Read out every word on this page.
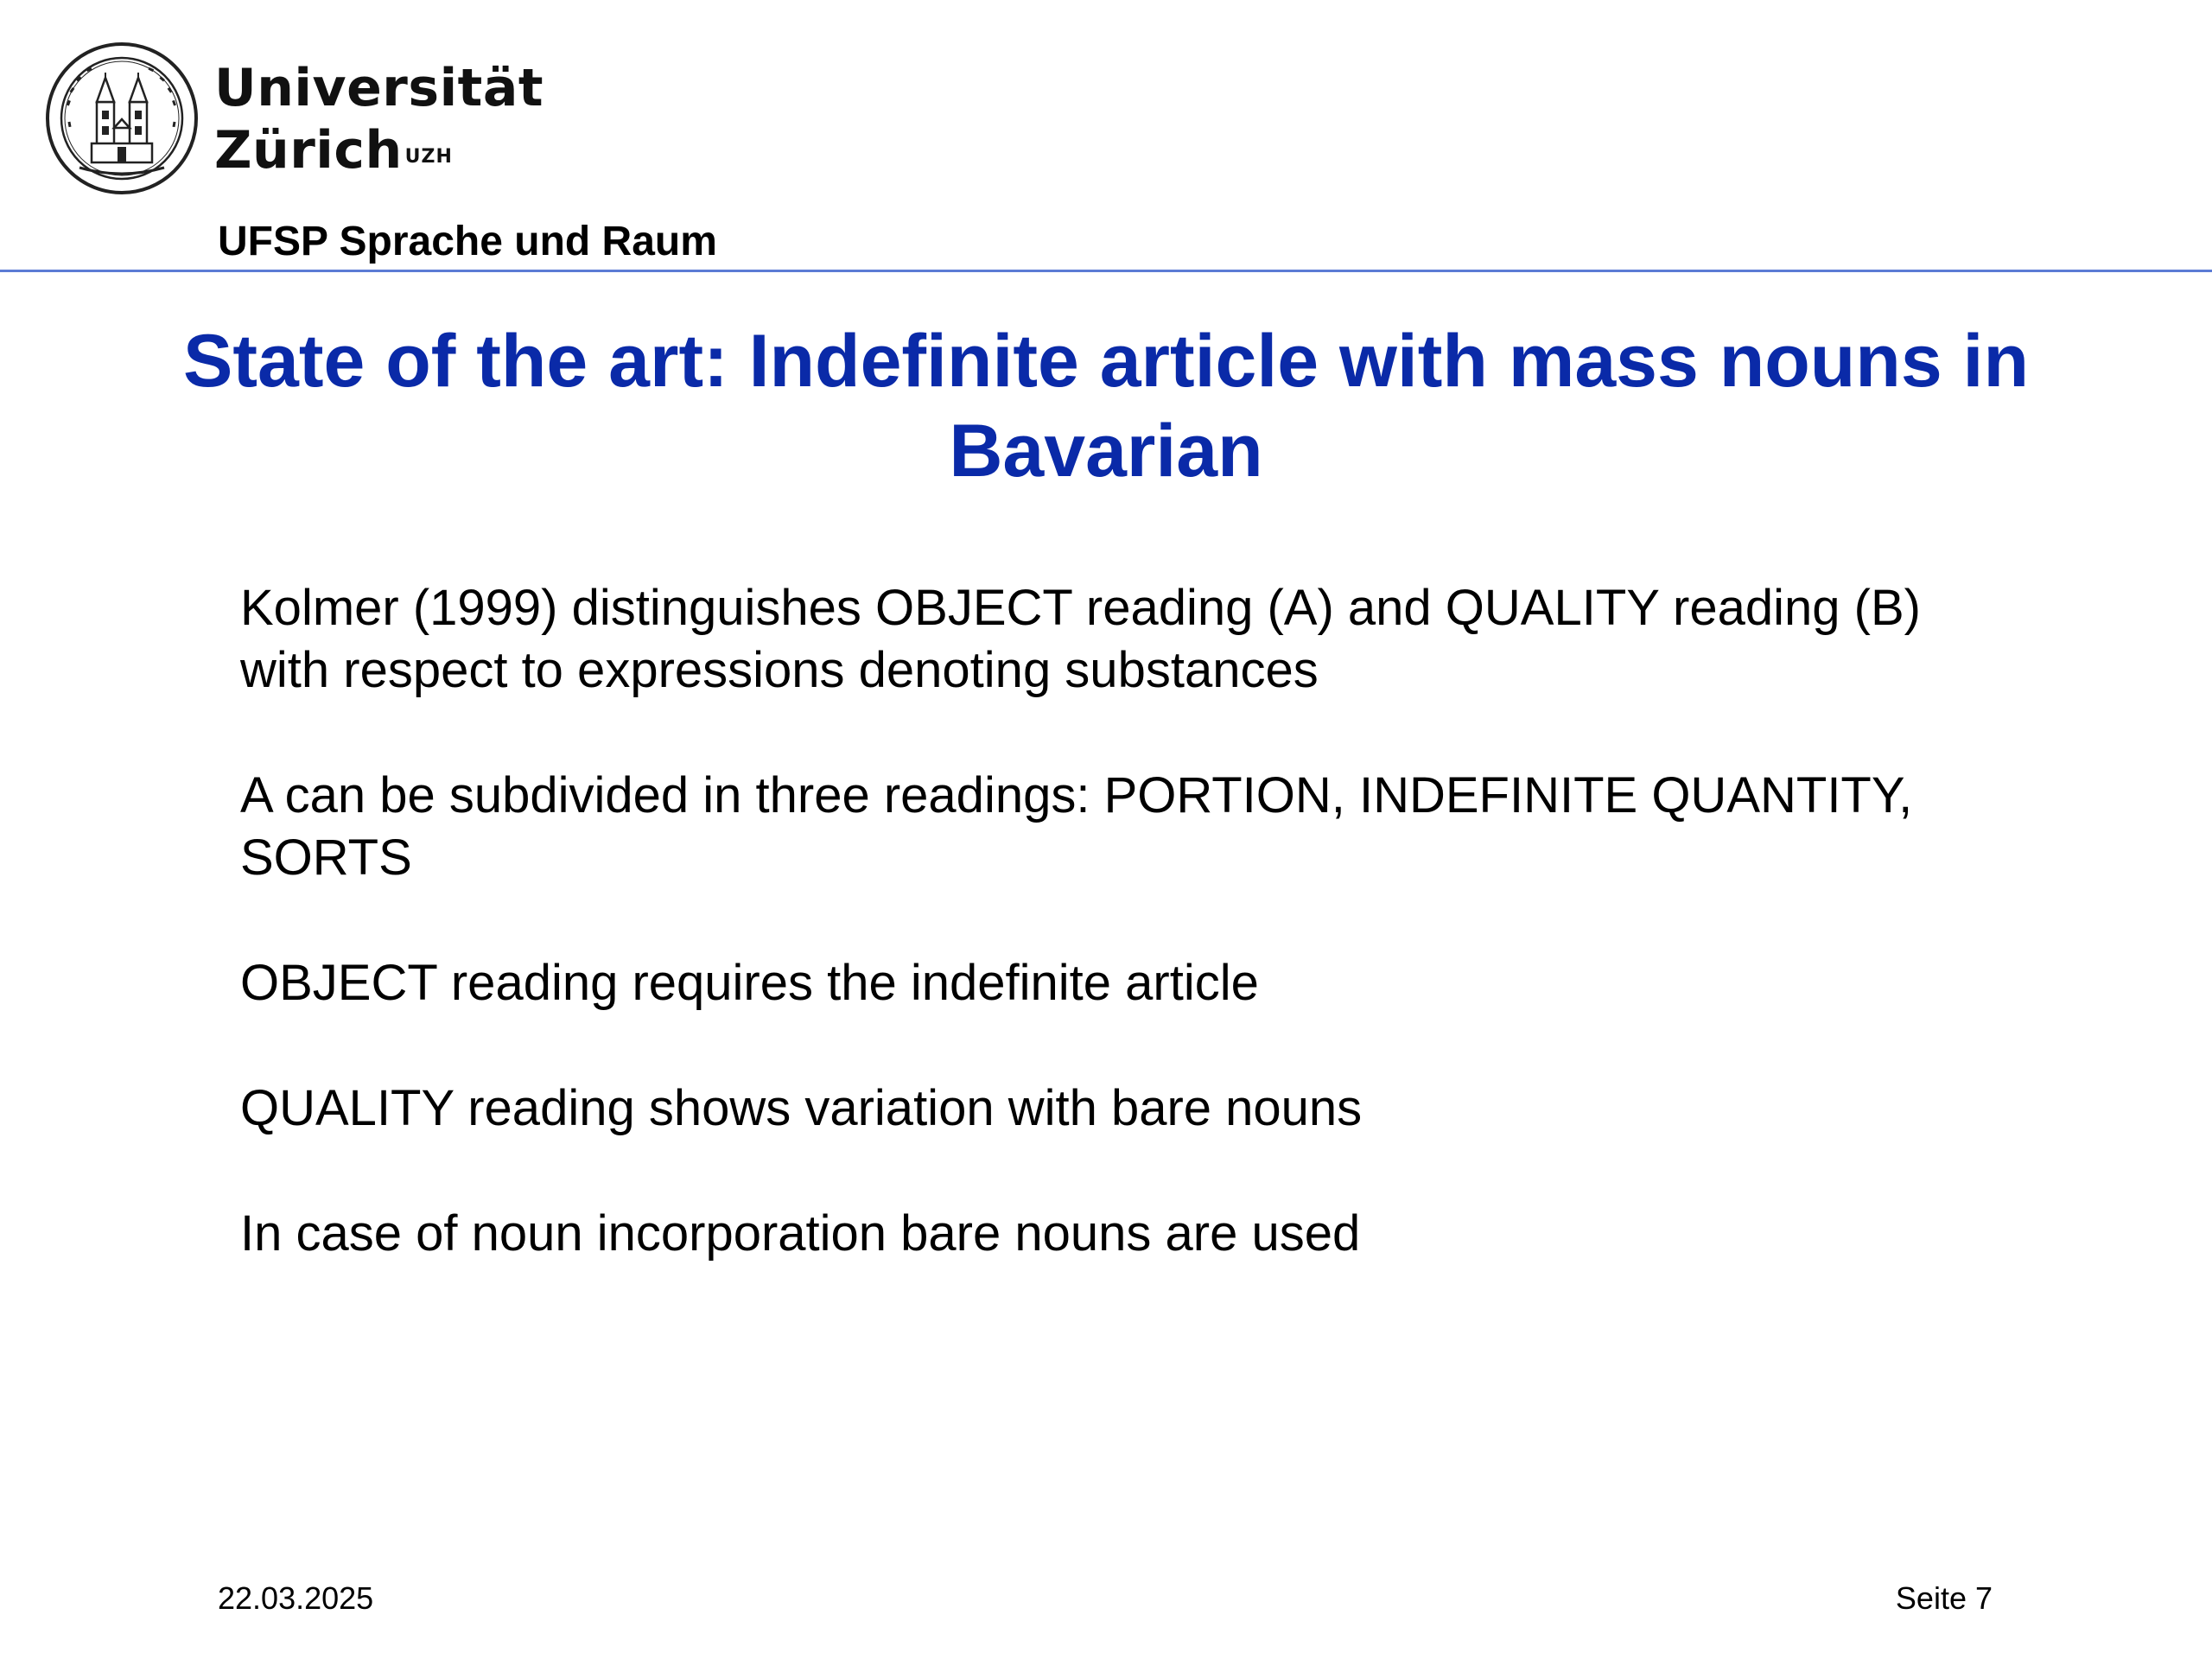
Universität
Zürich $^{UZH}$
UFSP Sprache und Raum
State of the art: Indefinite article with mass nouns in Bavarian

Kolmer (1999) distinguishes OBJECT reading (A) and QUALITY reading (B) with respect to expressions denoting substances

A can be subdivided in three readings: PORTION, INDEFINITE QUANTITY, SORTS

OBJECT reading requires the indefinite article

QUALITY reading shows variation with bare nouns

In case of noun incorporation bare nouns are used

22.03.2025	Seite 7
